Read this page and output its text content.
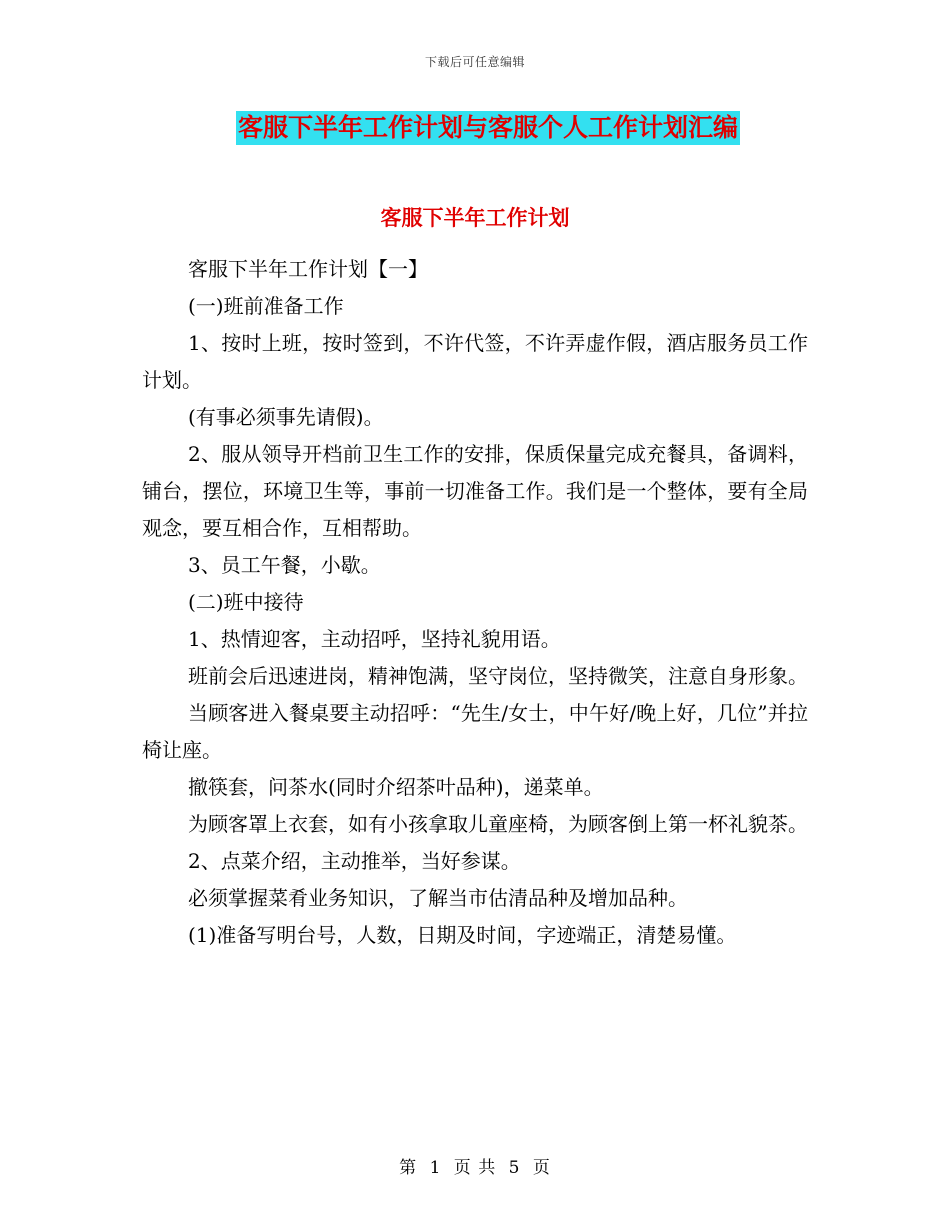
下载后可任意编辑
客服下半年工作计划与客服个人工作计划汇编
客服下半年工作计划

客服下半年工作计划【一】

(一)班前准备工作

1、按时上班，按时签到，不许代签，不许弄虚作假，酒店服务员工作计划。

(有事必须事先请假)。

2、服从领导开档前卫生工作的安排，保质保量完成充餐具，备调料，铺台，摆位，环境卫生等，事前一切准备工作。我们是一个整体，要有全局观念，要互相合作，互相帮助。

3、员工午餐，小歇。

(二)班中接待

1、热情迎客，主动招呼，坚持礼貌用语。

班前会后迅速进岗，精神饱满，坚守岗位，坚持微笑，注意自身形象。

当顾客进入餐桌要主动招呼：“先生/女士，中午好/晚上好，几位”并拉椅让座。

撤筷套，问茶水(同时介绍茶叶品种)，递菜单。

为顾客罩上衣套，如有小孩拿取儿童座椅，为顾客倒上第一杯礼貌茶。

2、点菜介绍，主动推举，当好参谋。

必须掌握菜肴业务知识，了解当市估清品种及增加品种。

(1)准备写明台号，人数，日期及时间，字迹端正，清楚易懂。

第 1 页 共 5 页
